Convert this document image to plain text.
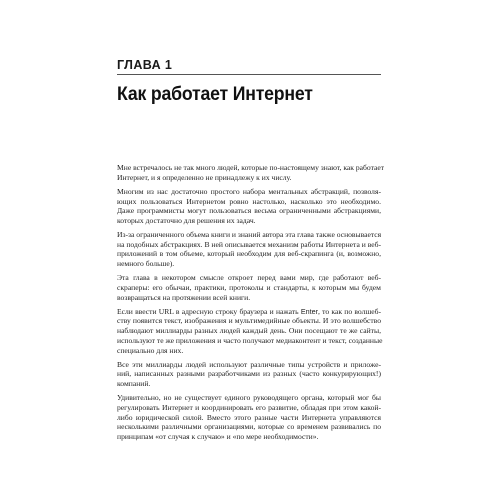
ГЛАВА 1
Как работает Интернет

Мне встречалось не так много людей, которые по-настоящему знают, как работает
Интернет, и я определенно не принадлежу к их числу.

Многим из нас достаточно простого набора ментальных абстракций, позволя-
ющих пользоваться Интернетом ровно настолько, насколько это необходимо.
Даже программисты могут пользоваться весьма ограниченными абстракциями,
которых достаточно для решения их задач.

Из-за ограниченного объема книги и знаний автора эта глава также основывается
на подобных абстракциях. В ней описывается механизм работы Интернета и веб-
приложений в том объеме, который необходим для веб-скрапинга (и, возможно,
немного больше).

Эта глава в некотором смысле откроет перед вами мир, где работают веб-
скраперы: его обычаи, практики, протоколы и стандарты, к которым мы будем
возвращаться на протяжении всей книги.

Если ввести URL в адресную строку браузера и нажать Enter, то как по волшеб-
ству появится текст, изображения и мультимедийные объекты. И это волшебство
наблюдают миллиарды разных людей каждый день. Они посещают те же сайты,
используют те же приложения и часто получают медиаконтент и текст, созданные
специально для них.

Все эти миллиарды людей используют различные типы устройств и приложе-
ний, написанных разными разработчиками из разных (часто конкурирующих!)
компаний.

Удивительно, но не существует единого руководящего органа, который мог бы
регулировать Интернет и координировать его развитие, обладая при этом какой-
либо юридической силой. Вместо этого разные части Интернета управляются
несколькими различными организациями, которые со временем развивались по
принципам «от случая к случаю» и «по мере необходимости».
